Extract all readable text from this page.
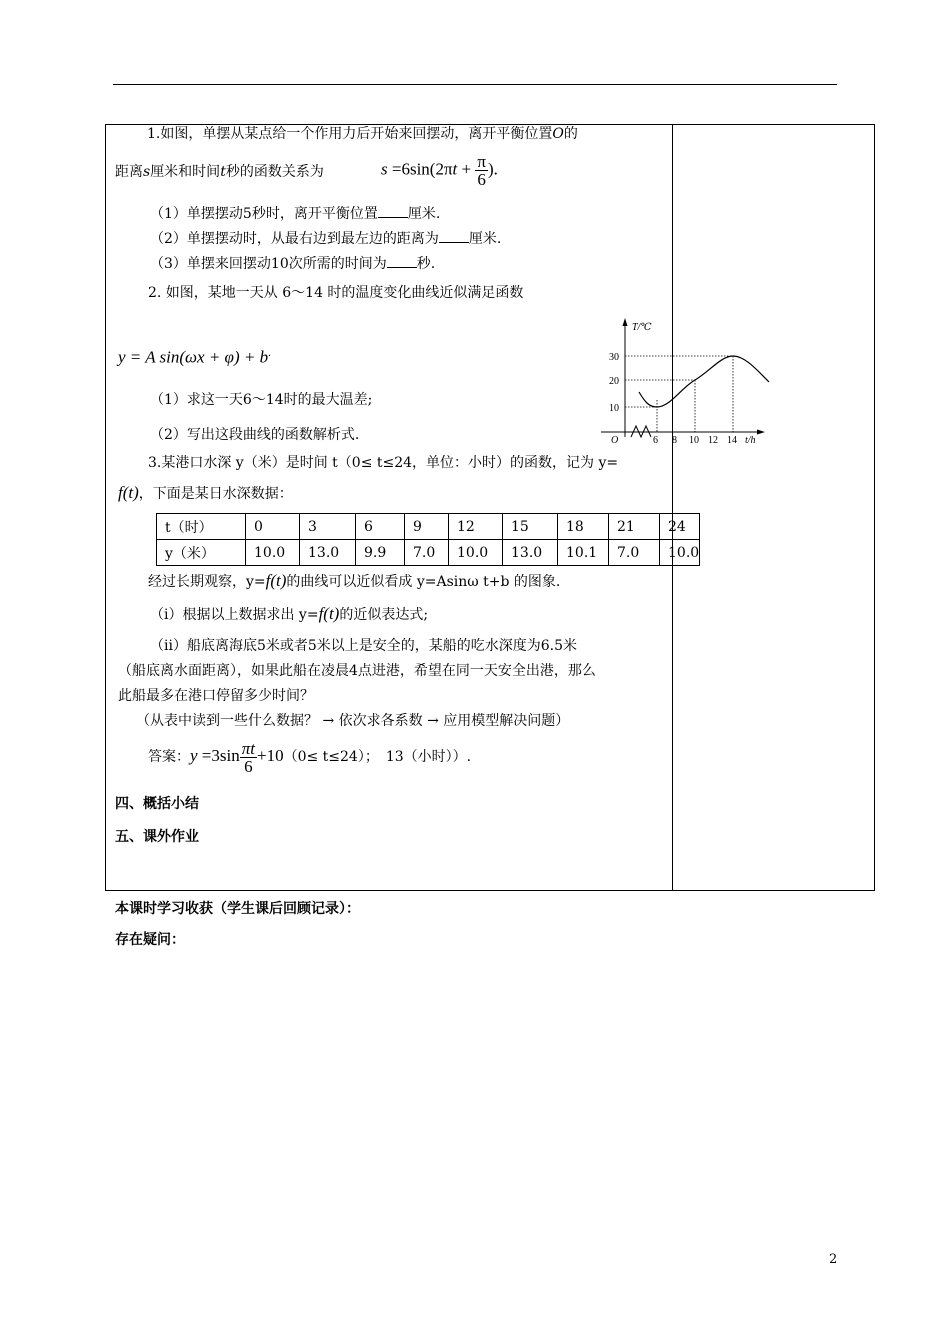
1.如图，单摆从某点给一个作用力后开始来回摆动，离开平衡位置O的
距离s厘米和时间t秒的函数关系为	$s =6\sin(2\pi t + \frac{\pi}{6}$ ).
（1）单摆摆动5秒时，离开平衡位置 厘米.
（2）单摆摆动时，从最右边到最左边的距离为 厘米.
（3）单摆来回摆动10次所需的时间为 秒.
2. 如图，某地一天从 6～14 时的温度变化曲线近似满足函数
y = A sin(ωx + φ) + b.
（1）求这一天6～14时的最大温差;
（2）写出这段曲线的函数解析式.
T/℃
t/h
O
30
20
10
6 8 10 12 14
3.某港口水深 y（米）是时间 t（0≤ t≤24，单位：小时）的函数，记为 y=
f(t)，下面是某日水深数据：
t（时）	0	3	6	9	12	15	18	21	24
y（米）	10.0	13.0	9.9	7.0	10.0	13.0	10.1	7.0	10.0
经过长期观察，y=f(t)的曲线可以近似看成 y=Asinω t+b 的图象.
（i）根据以上数据求出 y=f(t)的近似表达式;
（ii）船底离海底5米或者5米以上是安全的，某船的吃水深度为6.5米
（船底离水面距离），如果此船在凌晨4点进港，希望在同一天安全出港，那么
此船最多在港口停留多少时间？
（从表中读到一些什么数据？ → 依次求各系数 → 应用模型解决问题）
答案：$y =3\sin \frac{\pi t}{6} +10(0\le t\le 24)$；　13（小时））.
四、概括小结
五、课外作业
本课时学习收获（学生课后回顾记录）：
存在疑问：
2
